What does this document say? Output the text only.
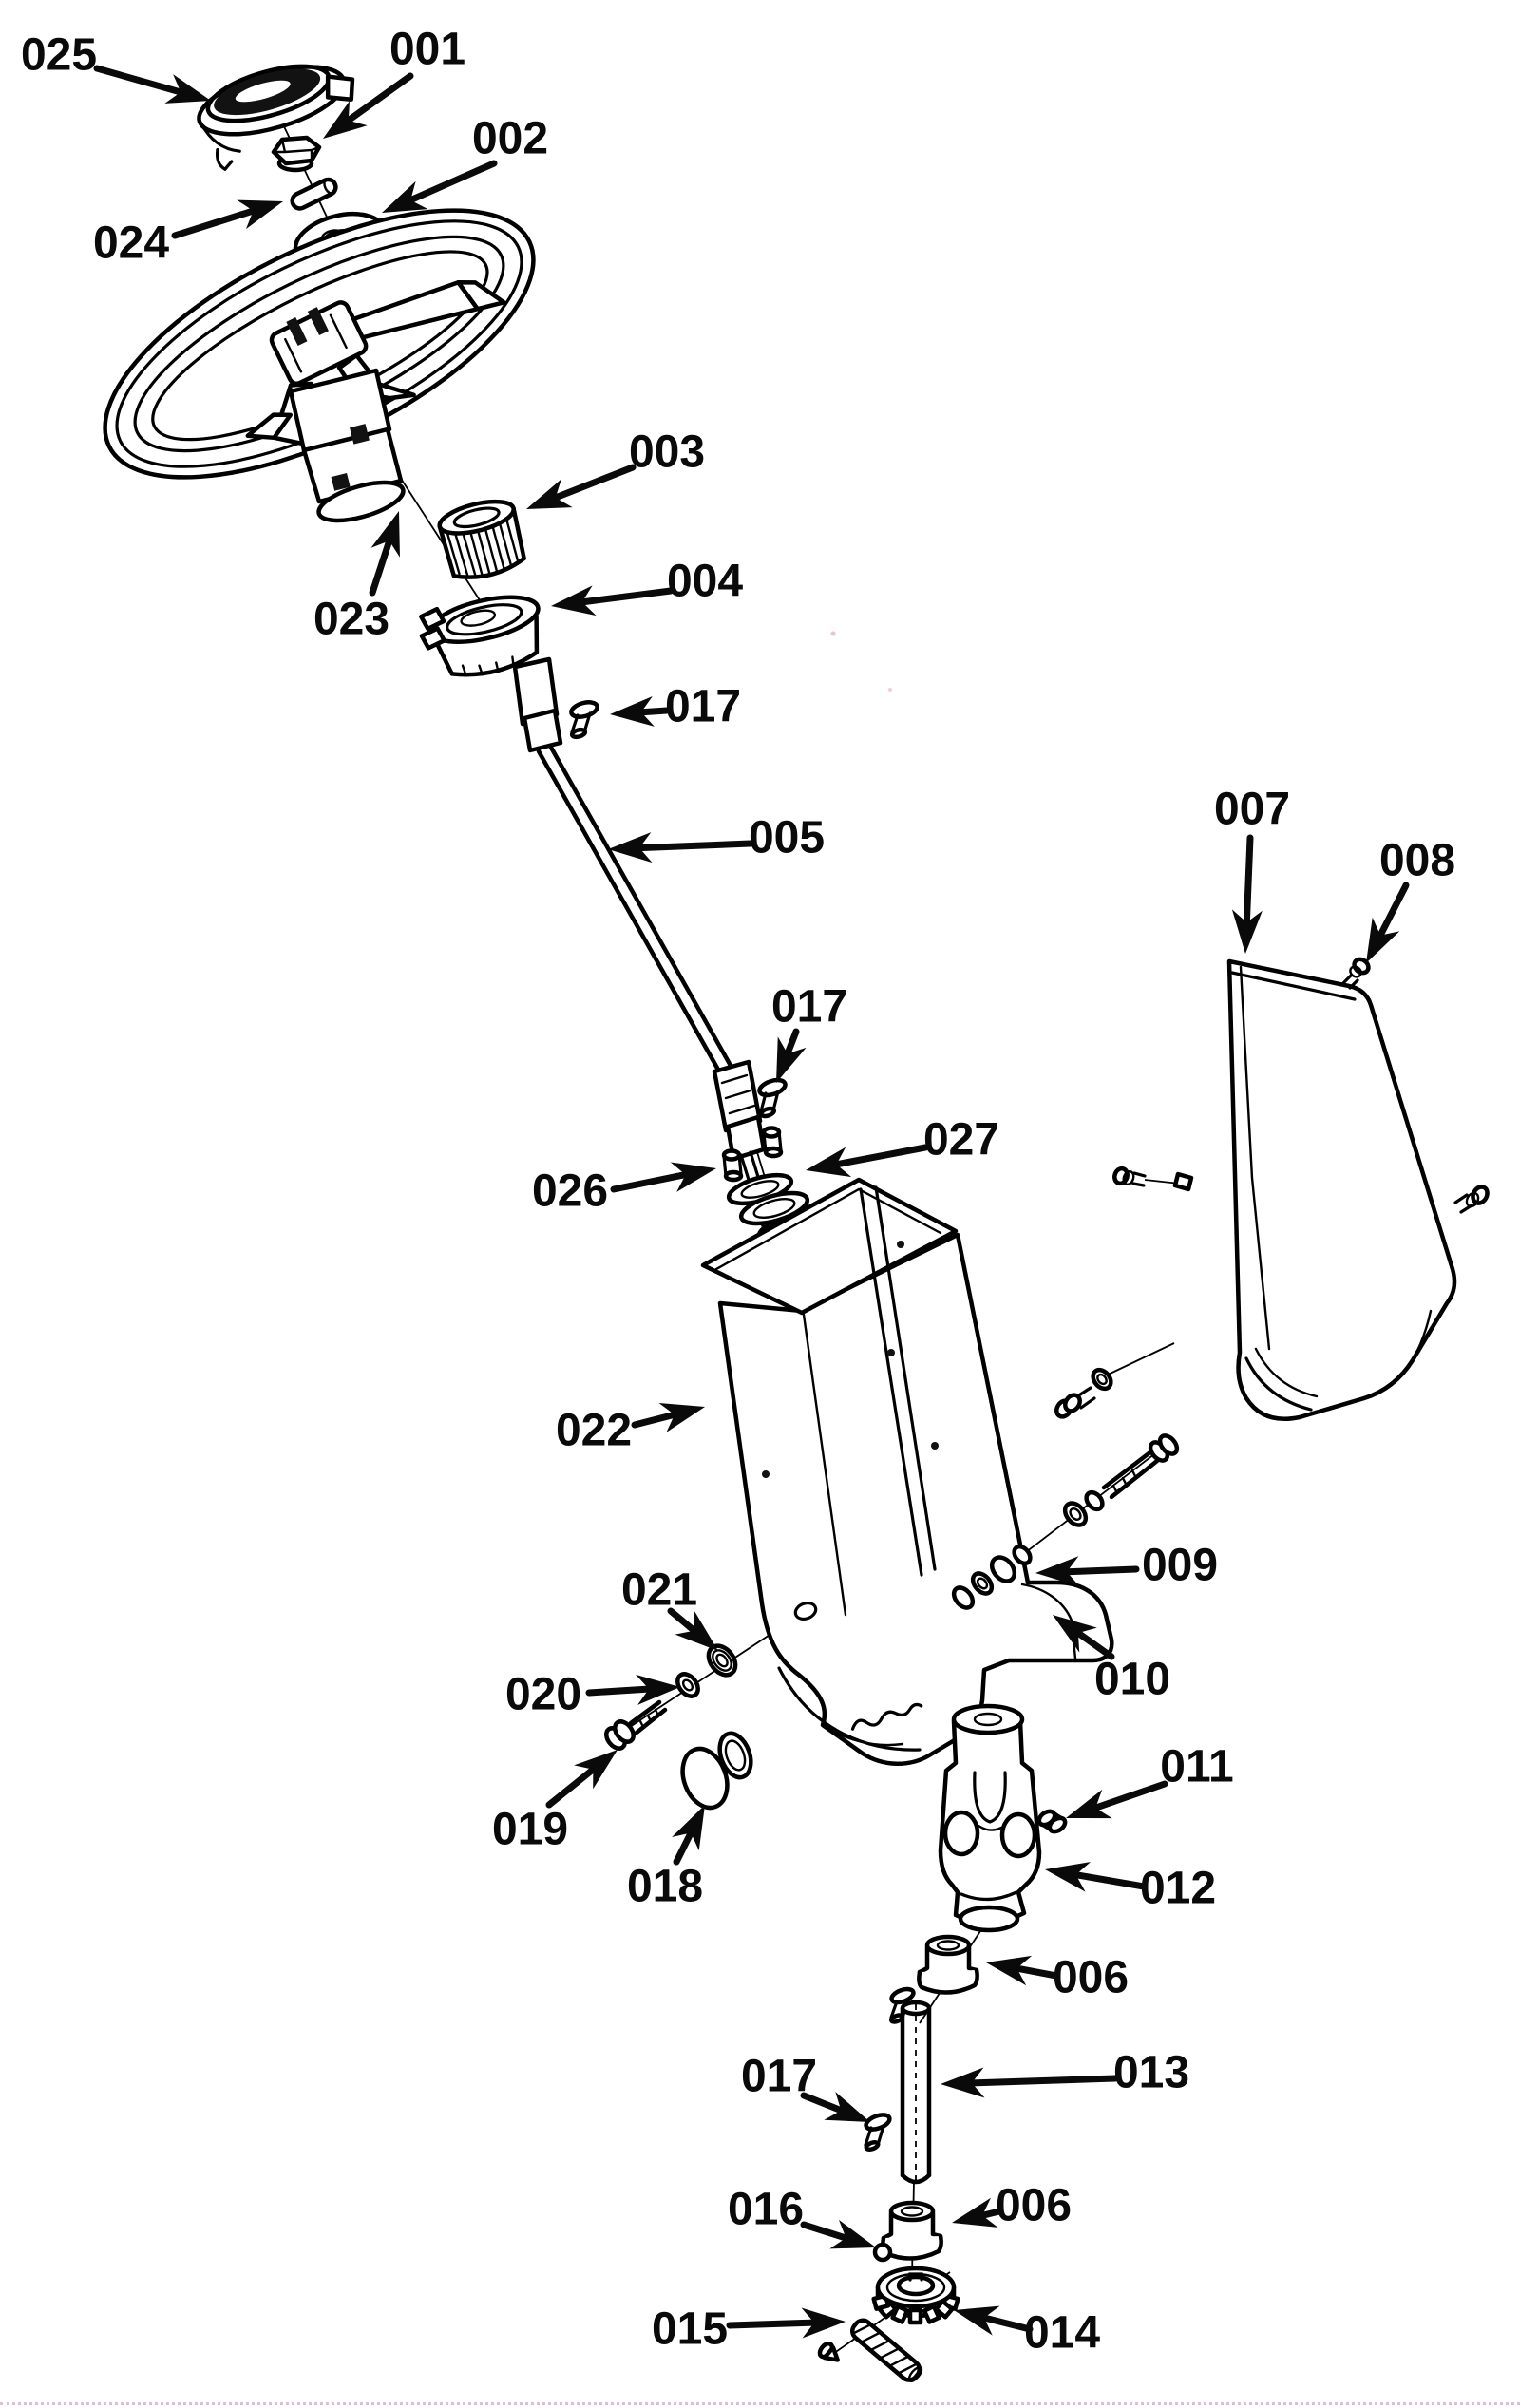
025	001
002
024
003
023
004
017
005
007
008
017
027
026
022
009
010
021
020
019
018
011
012
006
017	013
006
016
015	014
